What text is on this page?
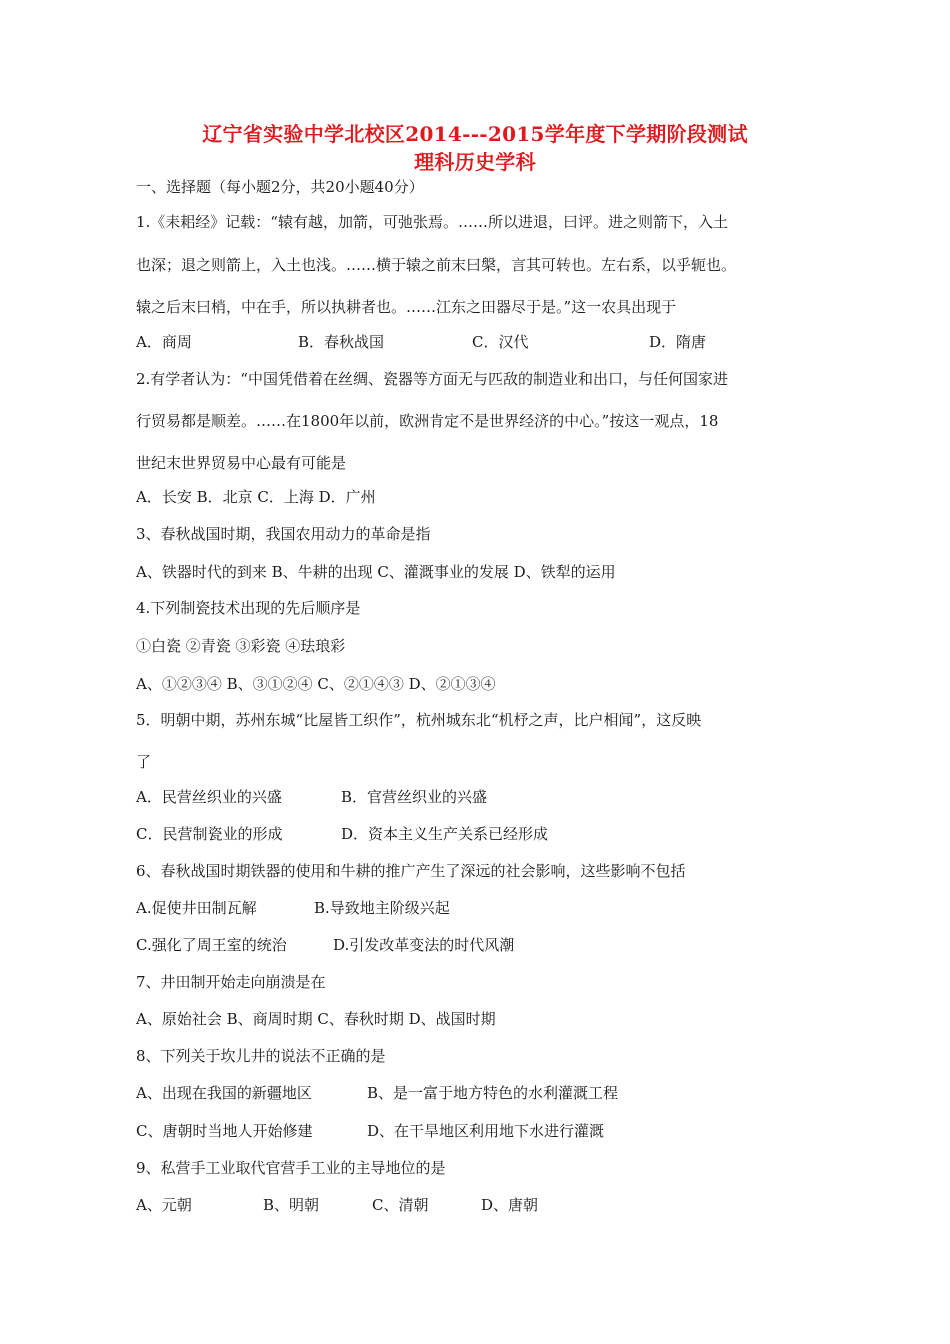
辽宁省实验中学北校区2014---2015学年度下学期阶段测试
理科历史学科
一、选择题（每小题2分，共20小题40分）
1.《耒耜经》记载：“辕有越，加箭，可弛张焉。……所以进退，曰评。进之则箭下，入土
也深；退之则箭上，入土也浅。……横于辕之前末曰槃，言其可转也。左右系，以乎轭也。
辕之后末曰梢，中在手，所以执耕者也。……江东之田器尽于是。”这一农具出现于
A．商周	B．春秋战国	C．汉代	D．隋唐
2.有学者认为：“中国凭借着在丝绸、瓷器等方面无与匹敌的制造业和出口，与任何国家进
行贸易都是顺差。……在1800年以前，欧洲肯定不是世界经济的中心。”按这一观点，18
世纪末世界贸易中心最有可能是
A．长安 B．北京 C．上海 D．广州
3、春秋战国时期，我国农用动力的革命是指
A、铁器时代的到来 B、牛耕的出现 C、灌溉事业的发展 D、铁犁的运用
4.下列制瓷技术出现的先后顺序是
①白瓷 ②青瓷 ③彩瓷 ④珐琅彩
A、①②③④ B、③①②④ C、②①④③ D、②①③④
5．明朝中期，苏州东城“比屋皆工织作”，杭州城东北“机杼之声，比户相闻”，这反映
了
A．民营丝织业的兴盛	B．官营丝织业的兴盛
C．民营制瓷业的形成	D．资本主义生产关系已经形成
6、春秋战国时期铁器的使用和牛耕的推广产生了深远的社会影响，这些影响不包括
A.促使井田制瓦解	B.导致地主阶级兴起
C.强化了周王室的统治	D.引发改革变法的时代风潮
7、井田制开始走向崩溃是在
A、原始社会 B、商周时期 C、春秋时期 D、战国时期
8、下列关于坎儿井的说法不正确的是
A、出现在我国的新疆地区	B、是一富于地方特色的水利灌溉工程
C、唐朝时当地人开始修建	D、在干旱地区利用地下水进行灌溉
9、私营手工业取代官营手工业的主导地位的是
A、元朝	B、明朝	C、清朝	D、唐朝
